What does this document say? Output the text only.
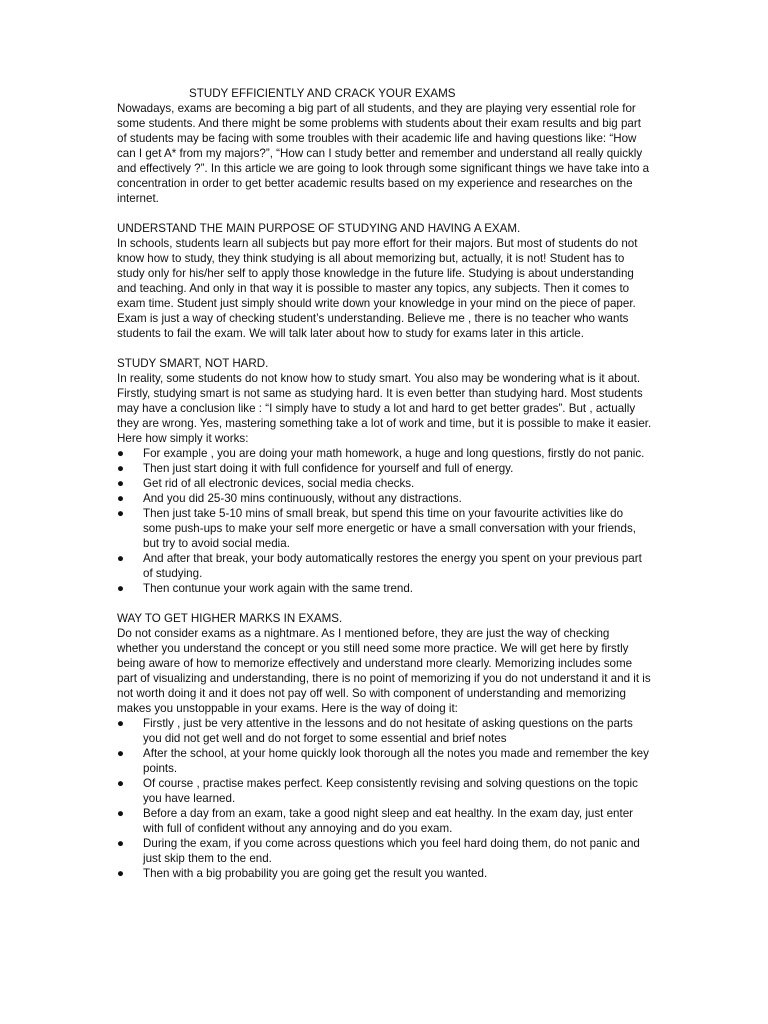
STUDY EFFICIENTLY AND CRACK YOUR EXAMS

Nowadays, exams are becoming a big part of all students, and they are playing very essential role for some students. And there might be some problems with students about their exam results and big part of students may be facing with some troubles with their academic life and having questions like: “How can I get A* from my majors?”, “How can I study better and remember and understand all really quickly and effectively ?”. In this article we are going to look through some significant things we have take into a concentration in order to get better academic results based on my experience and researches on the internet.

UNDERSTAND THE MAIN PURPOSE OF STUDYING AND HAVING A EXAM.

In schools, students learn all subjects but pay more effort for their majors. But most of students do not know how to study, they think studying is all about memorizing but, actually, it is not! Student has to study only for his/her self to apply those knowledge in the future life. Studying is about understanding and teaching. And only in that way it is possible to master any topics, any subjects. Then it comes to exam time. Student just simply should write down your knowledge in your mind on the piece of paper. Exam is just a way of checking student’s understanding. Believe me , there is no teacher who wants students to fail the exam. We will talk later about how to study for exams later in this article.

STUDY SMART, NOT HARD.

In reality, some students do not know how to study smart. You also may be wondering what is it about.

Firstly, studying smart is not same as studying hard. It is even better than studying hard. Most students may have a conclusion like : “I simply have to study a lot and hard to get better grades”. But , actually they are wrong. Yes, mastering something take a lot of work and time, but it is possible to make it easier. Here how simply it works:

● For example , you are doing your math homework, a huge and long questions, firstly do not panic.
● Then just start doing it with full confidence for yourself and full of energy.
● Get rid of all electronic devices, social media checks.
● And you did 25-30 mins continuously, without any distractions.
● Then just take 5-10 mins of small break, but spend this time on your favourite activities like do some push-ups to make your self more energetic or have a small conversation with your friends, but try to avoid social media.
● And after that break, your body automatically restores the energy you spent on your previous part of studying.
● Then contunue your work again with the same trend.
WAY TO GET HIGHER MARKS IN EXAMS.

Do not consider exams as a nightmare. As I mentioned before, they are just the way of checking whether you understand the concept or you still need some more practice. We will get here by firstly being aware of how to memorize effectively and understand more clearly. Memorizing includes some part of visualizing and understanding, there is no point of memorizing if you do not understand it and it is not worth doing it and it does not pay off well. So with component of understanding and memorizing makes you unstoppable in your exams. Here is the way of doing it:

● Firstly , just be very attentive in the lessons and do not hesitate of asking questions on the parts you did not get well and do not forget to some essential and brief notes
● After the school, at your home quickly look thorough all the notes you made and remember the key points.
● Of course , practise makes perfect. Keep consistently revising and solving questions on the topic you have learned.
● Before a day from an exam, take a good night sleep and eat healthy. In the exam day, just enter with full of confident without any annoying and do you exam.
● During the exam, if you come across questions which you feel hard doing them, do not panic and just skip them to the end.
● Then with a big probability you are going get the result you wanted.
